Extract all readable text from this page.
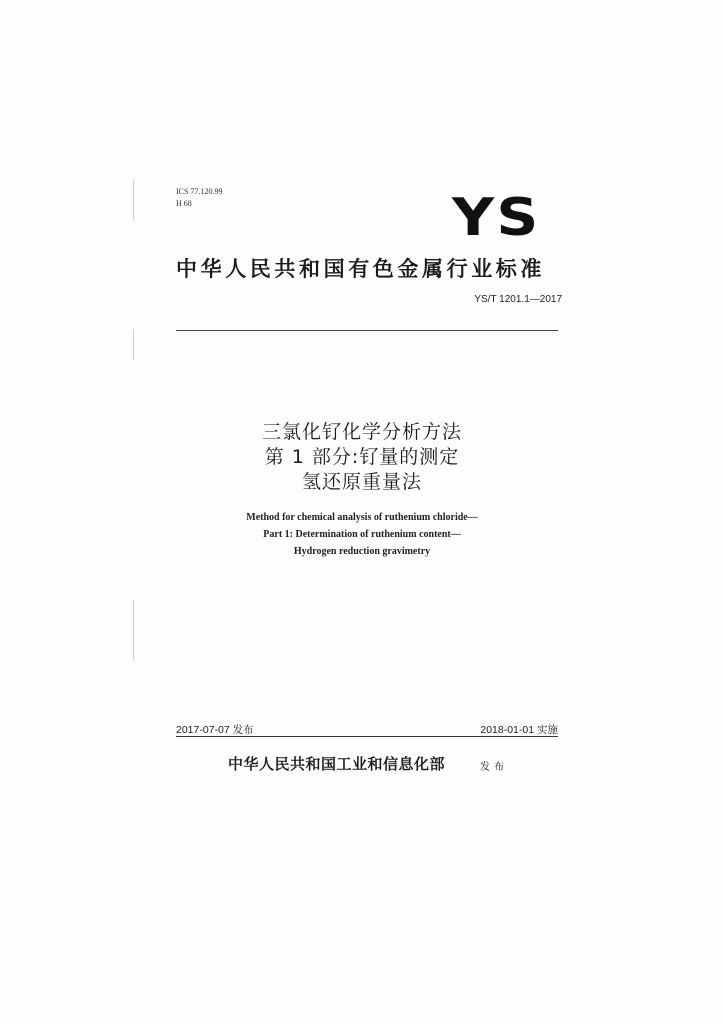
ICS 77.120.99
H 68	YS
中华人民共和国有色金属行业标准
YS/T 1201.1—2017
三氯化钌化学分析方法
第 1 部分:钌量的测定
氢还原重量法
Method for chemical analysis of ruthenium chloride—
Part 1: Determination of ruthenium content—
Hydrogen reduction gravimetry
2017-07-07 发布	2018-01-01 实施
中华人民共和国工业和信息化部	发布
